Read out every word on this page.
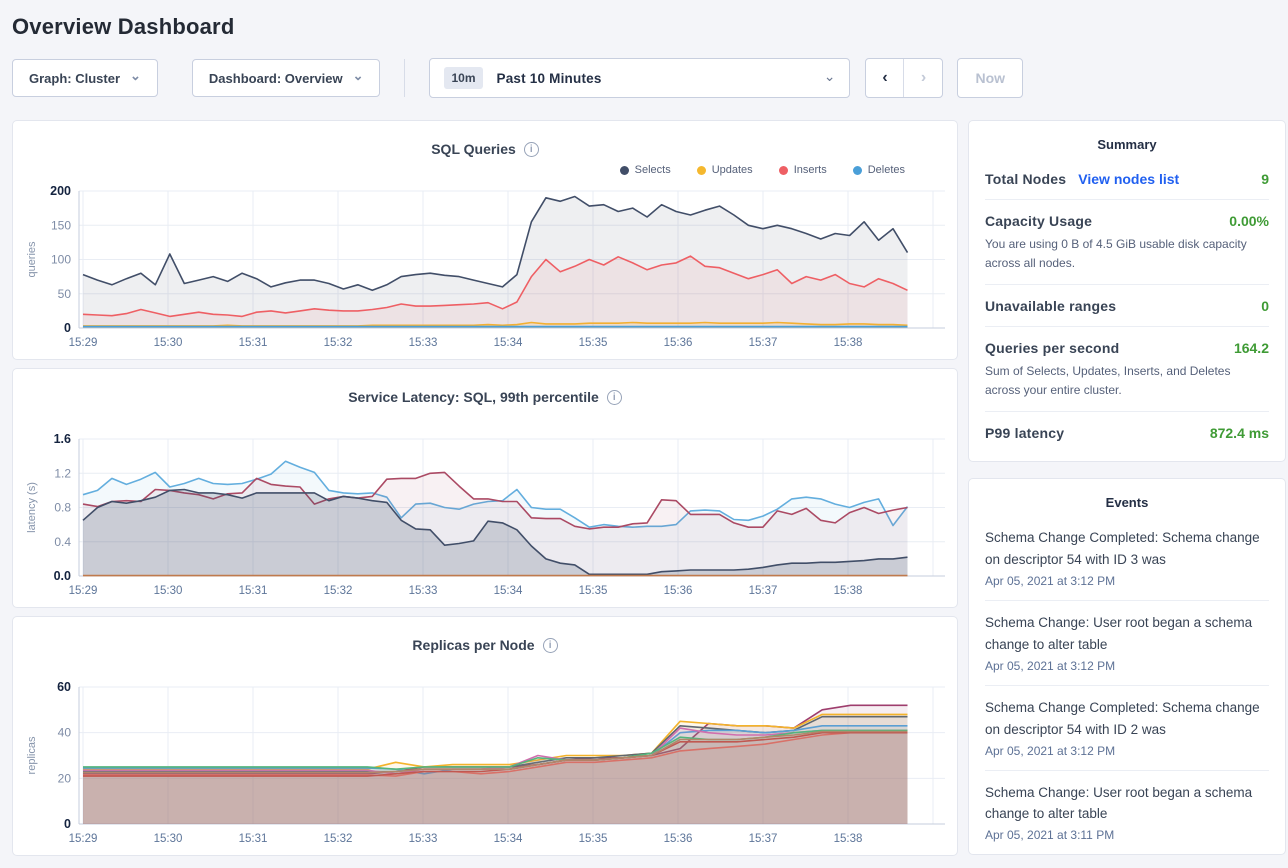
Overview Dashboard
Graph: Cluster ⌄	Dashboard: Overview ⌄	10m	Past 10 Minutes	⌄	‹ ›	Now
SQL Queries	i
Selects	Updates	Inserts	Deletes
0
50
100
150
200
15:29	15:30	15:31	15:32	15:33	15:34	15:35	15:36	15:37	15:38
queries
Service Latency: SQL, 99th percentile	i
0.0
0.4
0.8
1.2
1.6
15:29	15:30	15:31	15:32	15:33	15:34	15:35	15:36	15:37	15:38
latency (s)
Replicas per Node	i
0
20
40
60
15:29	15:30	15:31	15:32	15:33	15:34	15:35	15:36	15:37	15:38
replicas
Summary
Total Nodes View nodes list	9
Capacity Usage	0.00%
You are using 0 B of 4.5 GiB usable disk capacity across all nodes.
Unavailable ranges	0
Queries per second	164.2
Sum of Selects, Updates, Inserts, and Deletes across your entire cluster.
P99 latency	872.4 ms
Events
Schema Change Completed: Schema change on descriptor 54 with ID 3 was
Apr 05, 2021 at 3:12 PM
Schema Change: User root began a schema change to alter table
Apr 05, 2021 at 3:12 PM
Schema Change Completed: Schema change on descriptor 54 with ID 2 was
Apr 05, 2021 at 3:12 PM
Schema Change: User root began a schema change to alter table
Apr 05, 2021 at 3:11 PM
